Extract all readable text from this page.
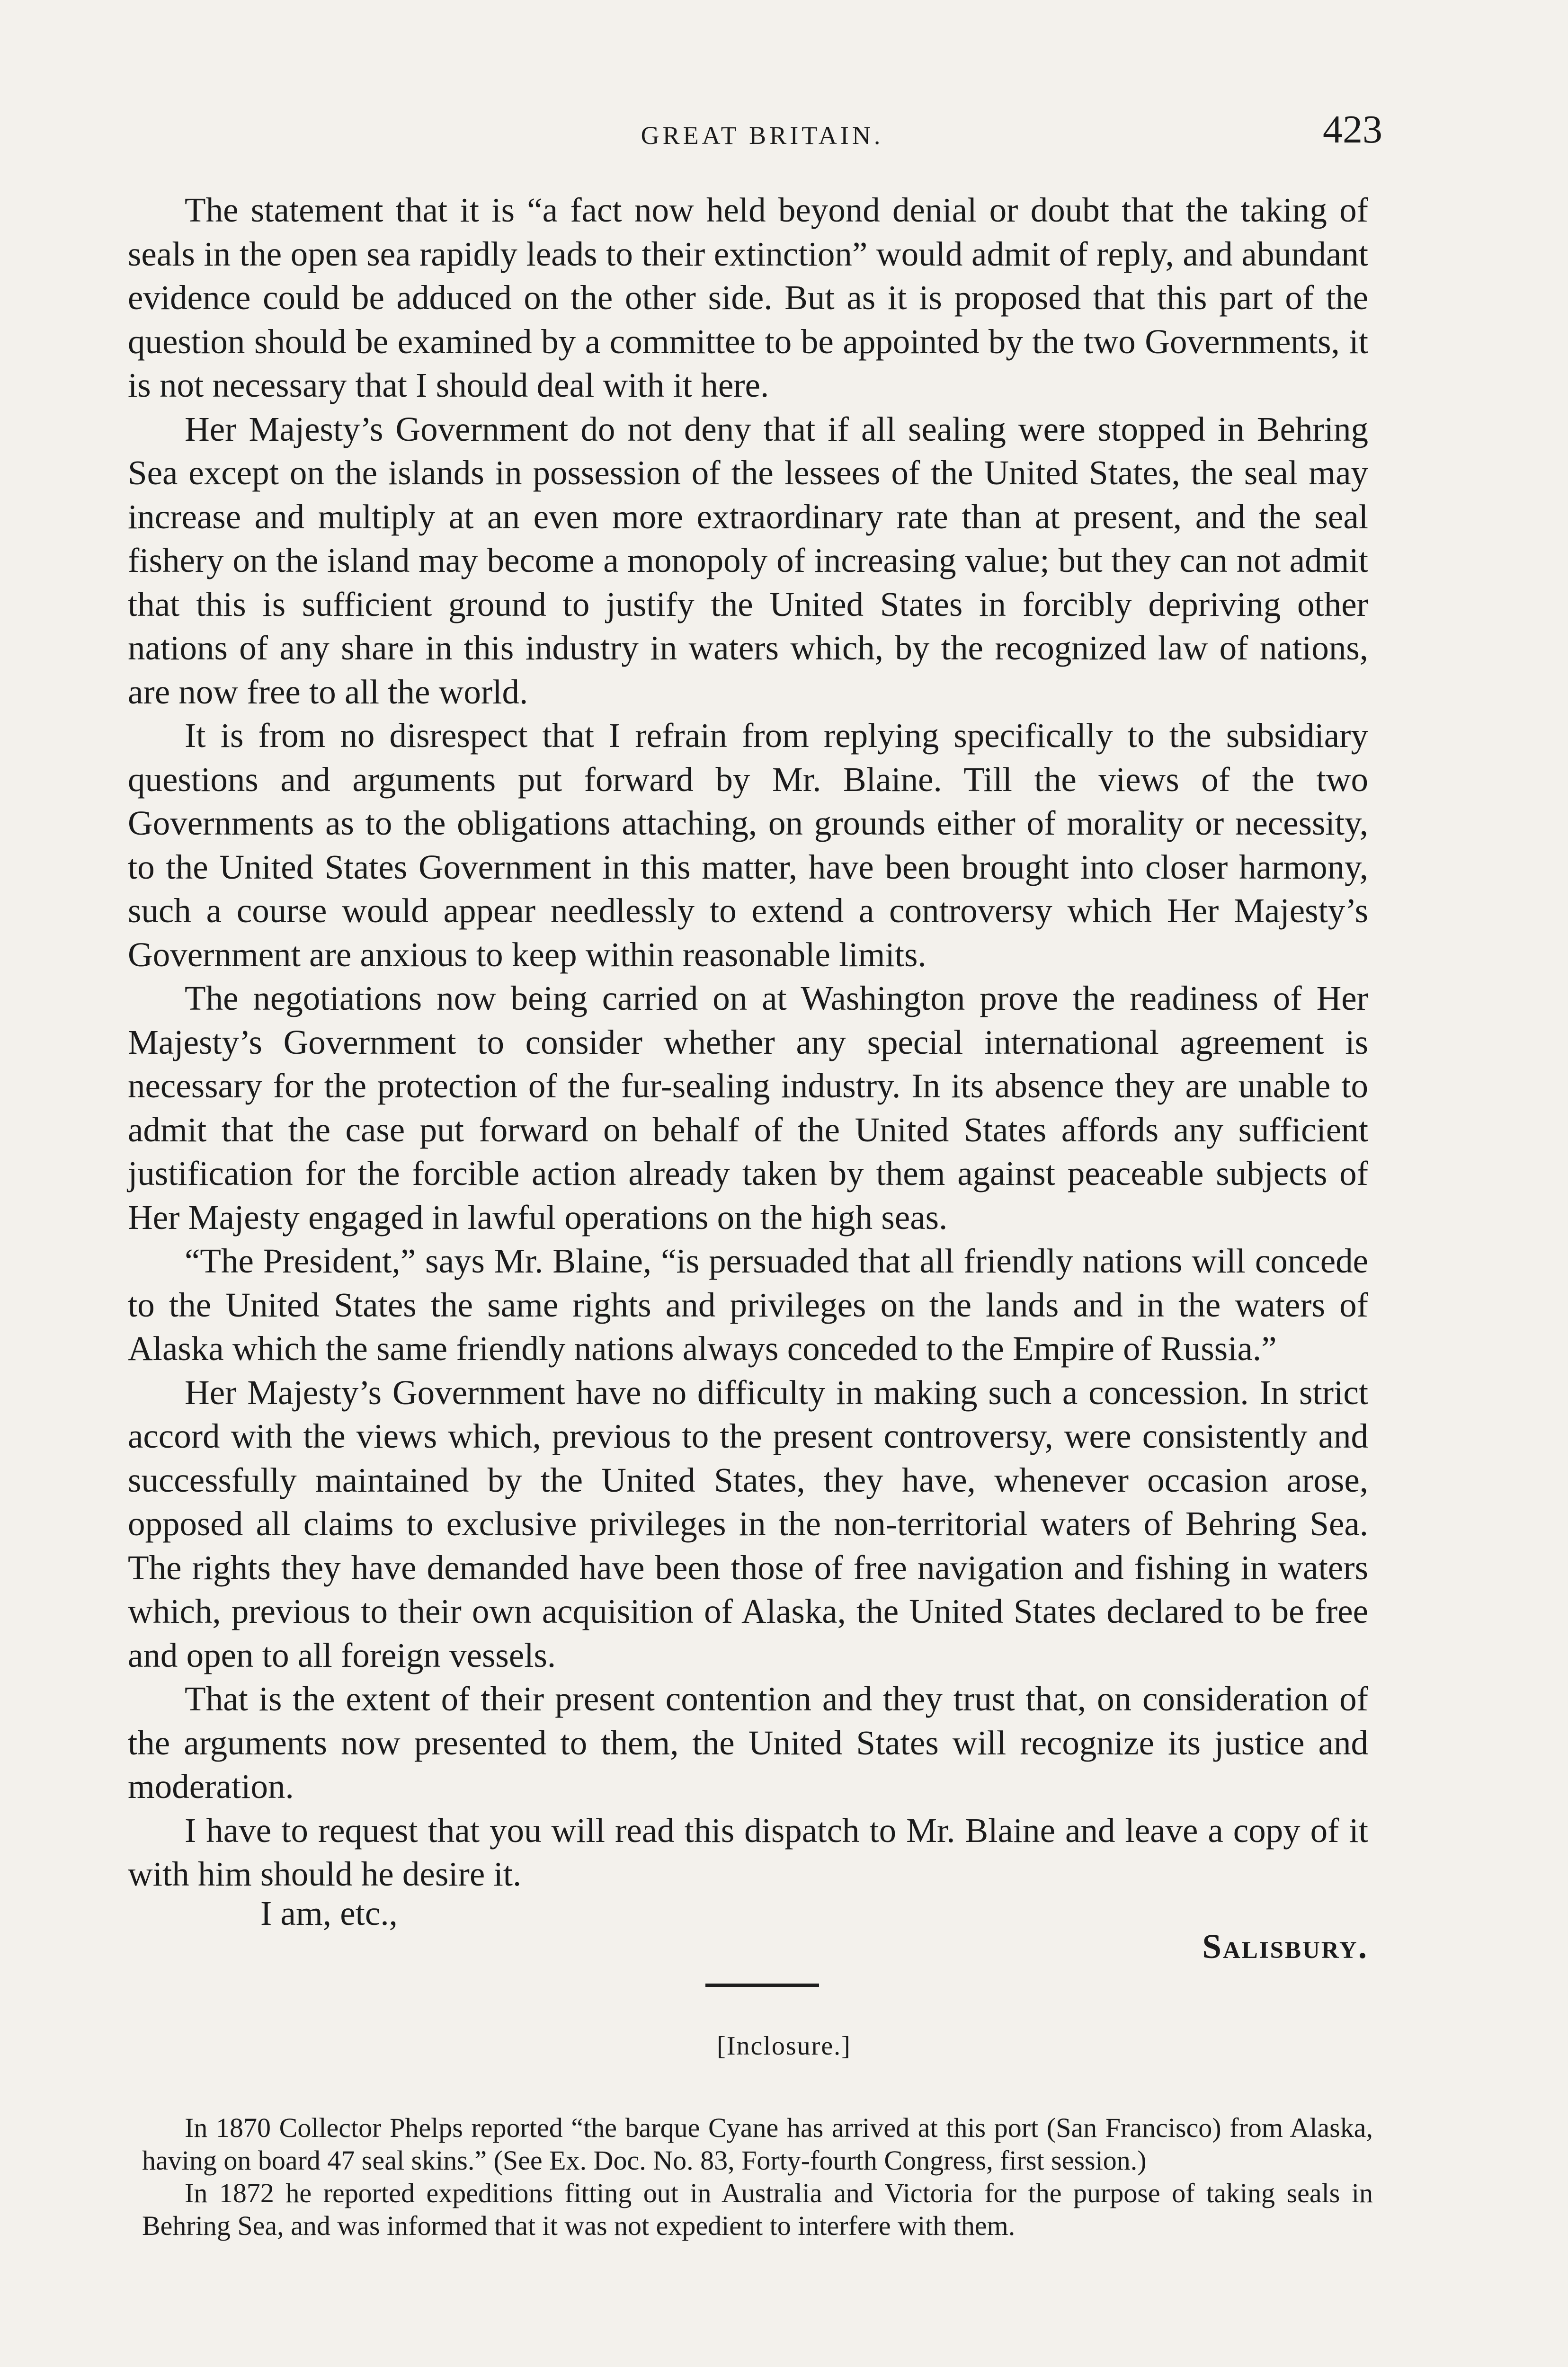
GREAT BRITAIN.	423

The statement that it is “a fact now held beyond denial or doubt that the taking of seals in the open sea rapidly leads to their extinction” would admit of reply, and abundant evidence could be adduced on the other side. But as it is proposed that this part of the question should be examined by a committee to be appointed by the two Governments, it is not necessary that I should deal with it here.

Her Majesty’s Government do not deny that if all sealing were stopped in Behring Sea except on the islands in possession of the lessees of the United States, the seal may increase and multiply at an even more extraordinary rate than at present, and the seal fishery on the island may become a monopoly of increasing value; but they can not admit that this is sufficient ground to justify the United States in forcibly depriving other nations of any share in this industry in waters which, by the recognized law of nations, are now free to all the world.

It is from no disrespect that I refrain from replying specifically to the subsidiary questions and arguments put forward by Mr. Blaine. Till the views of the two Governments as to the obligations attaching, on grounds either of morality or necessity, to the United States Government in this matter, have been brought into closer harmony, such a course would appear needlessly to extend a controversy which Her Majesty’s Government are anxious to keep within reasonable limits.

The negotiations now being carried on at Washington prove the readiness of Her Majesty’s Government to consider whether any special international agreement is necessary for the protection of the fur-sealing industry. In its absence they are unable to admit that the case put forward on behalf of the United States affords any sufficient justification for the forcible action already taken by them against peaceable subjects of Her Majesty engaged in lawful operations on the high seas.

“The President,” says Mr. Blaine, “is persuaded that all friendly nations will concede to the United States the same rights and privileges on the lands and in the waters of Alaska which the same friendly nations always conceded to the Empire of Russia.”

Her Majesty’s Government have no difficulty in making such a concession. In strict accord with the views which, previous to the present controversy, were consistently and successfully maintained by the United States, they have, whenever occasion arose, opposed all claims to exclusive privileges in the non-territorial waters of Behring Sea. The rights they have demanded have been those of free navigation and fishing in waters which, previous to their own acquisition of Alaska, the United States declared to be free and open to all foreign vessels.

That is the extent of their present contention and they trust that, on consideration of the arguments now presented to them, the United States will recognize its justice and moderation.

I have to request that you will read this dispatch to Mr. Blaine and leave a copy of it with him should he desire it.

I am, etc.,
Salisbury.
[Inclosure.]

In 1870 Collector Phelps reported “the barque Cyane has arrived at this port (San Francisco) from Alaska, having on board 47 seal skins.” (See Ex. Doc. No. 83, Forty-fourth Congress, first session.)

In 1872 he reported expeditions fitting out in Australia and Victoria for the purpose of taking seals in Behring Sea, and was informed that it was not expedient to interfere with them.
